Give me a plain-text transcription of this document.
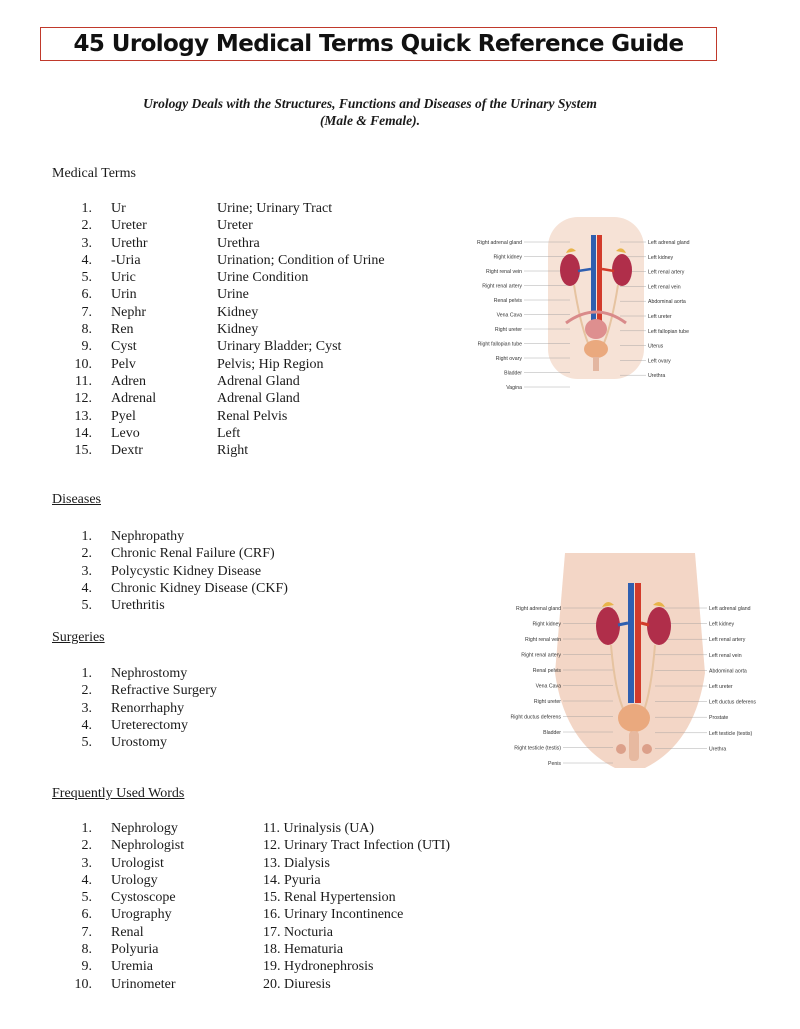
45 Urology Medical Terms Quick Reference Guide
Urology Deals with the Structures, Functions and Diseases of the Urinary System
(Male & Female).
Medical Terms
1. Ur	Urine; Urinary Tract
2. Ureter	Ureter
3. Urethr	Urethra
4. -Uria	Urination; Condition of Urine
5. Uric	Urine Condition
6. Urin	Urine
7. Nephr	Kidney
8. Ren	Kidney
9. Cyst	Urinary Bladder; Cyst
10. Pelv	Pelvis; Hip Region
11. Adren	Adrenal Gland
12. Adrenal	Adrenal Gland
13. Pyel	Renal Pelvis
14. Levo	Left
15. Dextr	Right
Diseases
1. Nephropathy
2. Chronic Renal Failure (CRF)
3. Polycystic Kidney Disease
4. Chronic Kidney Disease (CKF)
5. Urethritis
Surgeries
1. Nephrostomy
2. Refractive Surgery
3. Renorrhaphy
4. Ureterectomy
5. Urostomy
Frequently Used Words
1. Nephrology
2. Nephrologist
3. Urologist
4. Urology
5. Cystoscope
6. Urography
7. Renal
8. Polyuria
9. Uremia
10. Urinometer
11. Urinalysis (UA)
12. Urinary Tract Infection (UTI)
13. Dialysis
14. Pyuria
15. Renal Hypertension
16. Urinary Incontinence
17. Nocturia
18. Hematuria
19. Hydronephrosis
20. Diuresis
Right adrenal gland
Right kidney
Right renal vein
Right renal artery
Renal pelvis
Vena Cava
Right ureter
Right fallopian tube
Right ovary
Bladder
Vagina
Left adrenal gland
Left kidney
Left renal artery
Left renal vein
Abdominal aorta
Left ureter
Left fallopian tube
Uterus
Left ovary
Urethra
Right adrenal gland
Right kidney
Right renal vein
Right renal artery
Renal pelvis
Vena Cava
Right ureter
Right ductus deferens
Bladder
Right testicle (testis)
Penis
Left adrenal gland
Left kidney
Left renal artery
Left renal vein
Abdominal aorta
Left ureter
Left ductus deferens
Prostate
Left testicle (testis)
Urethra
